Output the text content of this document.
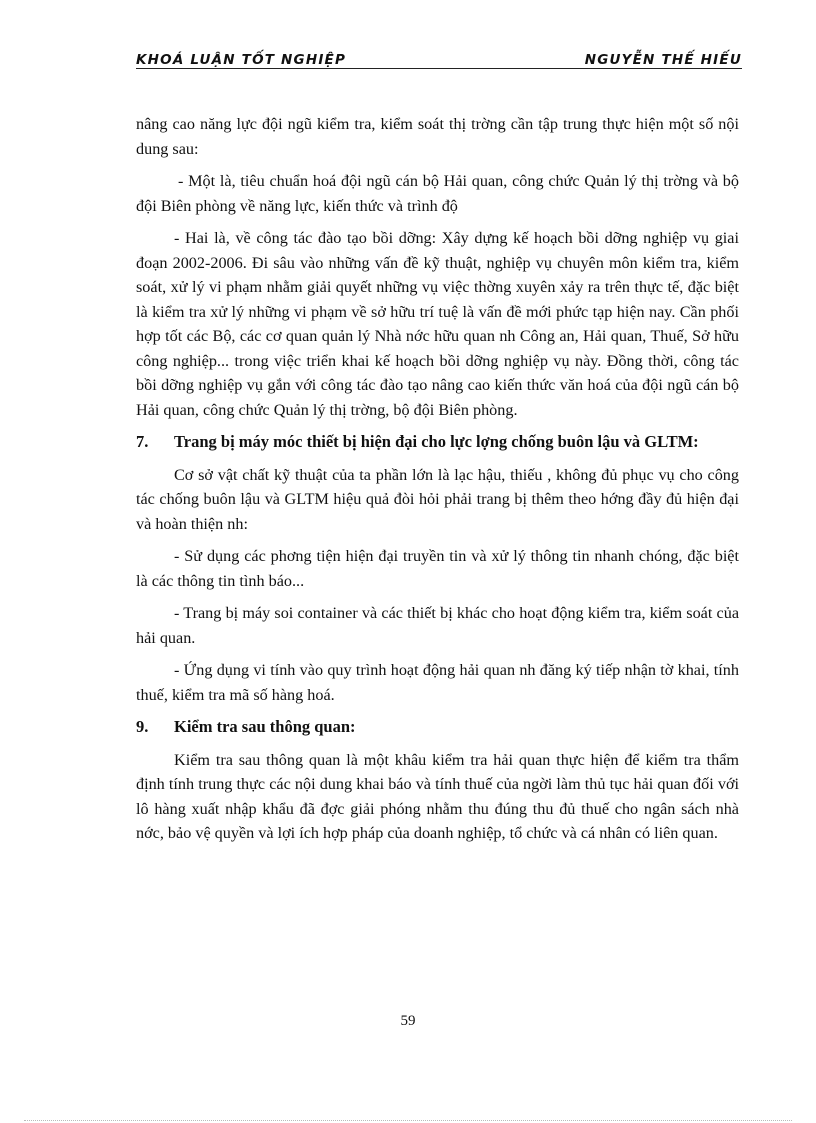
KHOÁ LUẬN TỐT NGHIỆP	NGUYỄN THẾ HIẾU

nâng cao năng lực đội ngũ kiểm tra, kiểm soát thị trờng cần tập trung thực hiện một số nội dung sau:

- Một là, tiêu chuẩn hoá đội ngũ cán bộ Hải quan, công chức Quản lý thị trờng và bộ đội Biên phòng về năng lực, kiến thức và trình độ

- Hai là, về công tác đào tạo bồi dỡng: Xây dựng kế hoạch bồi dỡng nghiệp vụ giai đoạn 2002-2006. Đi sâu vào những vấn đề kỹ thuật, nghiệp vụ chuyên môn kiểm tra, kiểm soát, xử lý vi phạm nhằm giải quyết những vụ việc thờng xuyên xảy ra trên thực tế, đặc biệt là kiểm tra xử lý những vi phạm về sở hữu trí tuệ là vấn đề mới phức tạp hiện nay. Cần phối hợp tốt các Bộ, các cơ quan quản lý Nhà nớc hữu quan nh Công an, Hải quan, Thuế, Sở hữu công nghiệp... trong việc triển khai kế hoạch bồi dỡng nghiệp vụ này. Đồng thời, công tác bồi dỡng nghiệp vụ gắn với công tác đào tạo nâng cao kiến thức văn hoá của đội ngũ cán bộ Hải quan, công chức Quản lý thị trờng, bộ đội Biên phòng.

7. Trang bị máy móc thiết bị hiện đại cho lực lợng chống buôn lậu và GLTM:

Cơ sở vật chất kỹ thuật của ta phần lớn là lạc hậu, thiếu , không đủ phục vụ cho công tác chống buôn lậu và GLTM hiệu quả đòi hỏi phải trang bị thêm theo hớng đầy đủ hiện đại và hoàn thiện nh:

- Sử dụng các phơng tiện hiện đại truyền tin và xử lý thông tin nhanh chóng, đặc biệt là các thông tin tình báo...

- Trang bị máy soi container và các thiết bị khác cho hoạt động kiểm tra, kiểm soát của hải quan.

- Ứng dụng vi tính vào quy trình hoạt động hải quan nh đăng ký tiếp nhận tờ khai, tính thuế, kiểm tra mã số hàng hoá.

9. Kiểm tra sau thông quan:

Kiểm tra sau thông quan là một khâu kiểm tra hải quan thực hiện để kiểm tra thẩm định tính trung thực các nội dung khai báo và tính thuế của ngời làm thủ tục hải quan đối với lô hàng xuất nhập khẩu đã đợc giải phóng nhằm thu đúng thu đủ thuế cho ngân sách nhà nớc, bảo vệ quyền và lợi ích hợp pháp của doanh nghiệp, tổ chức và cá nhân có liên quan.

59
